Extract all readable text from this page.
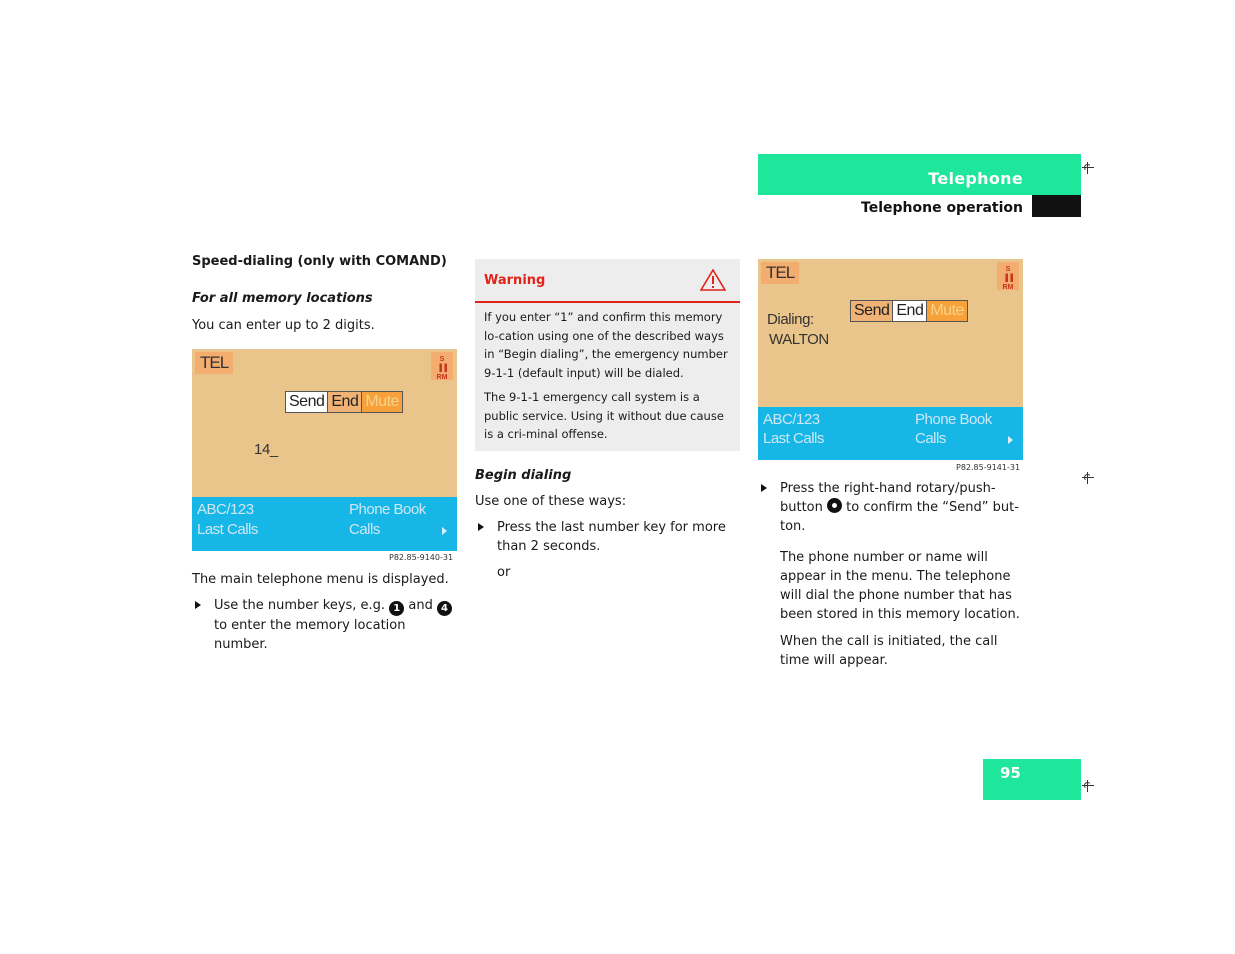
Telephone
Telephone operation
Speed-dialing (only with COMAND)
For all memory locations
You can enter up to 2 digits.
TEL	S
▐▐
RM
Send End Mute
14_
ABC/123
Last Calls
Phone Book
Calls
P82.85-9140-31
The main telephone menu is displayed.
Use the number keys, e.g. 1 and 4 to enter the memory location number.
Warning

If you enter “1” and confirm this memory lo-cation using one of the described ways in “Begin dialing”, the emergency number 9-1-1 (default input) will be dialed.

The 9-1-1 emergency call system is a public service. Using it without due cause is a cri-minal offense.

Begin dialing
Use one of these ways:
Press the last number key for more than 2 seconds.
or
TEL	S
▐▐
RM
Send End Mute
Dialing:
WALTON
ABC/123
Last Calls
Phone Book
Calls
P82.85-9141-31
Press the right-hand rotary/push-button to confirm the “Send” but-ton.
The phone number or name will appear in the menu. The telephone will dial the phone number that has been stored in this memory location.
When the call is initiated, the call time will appear.
95
